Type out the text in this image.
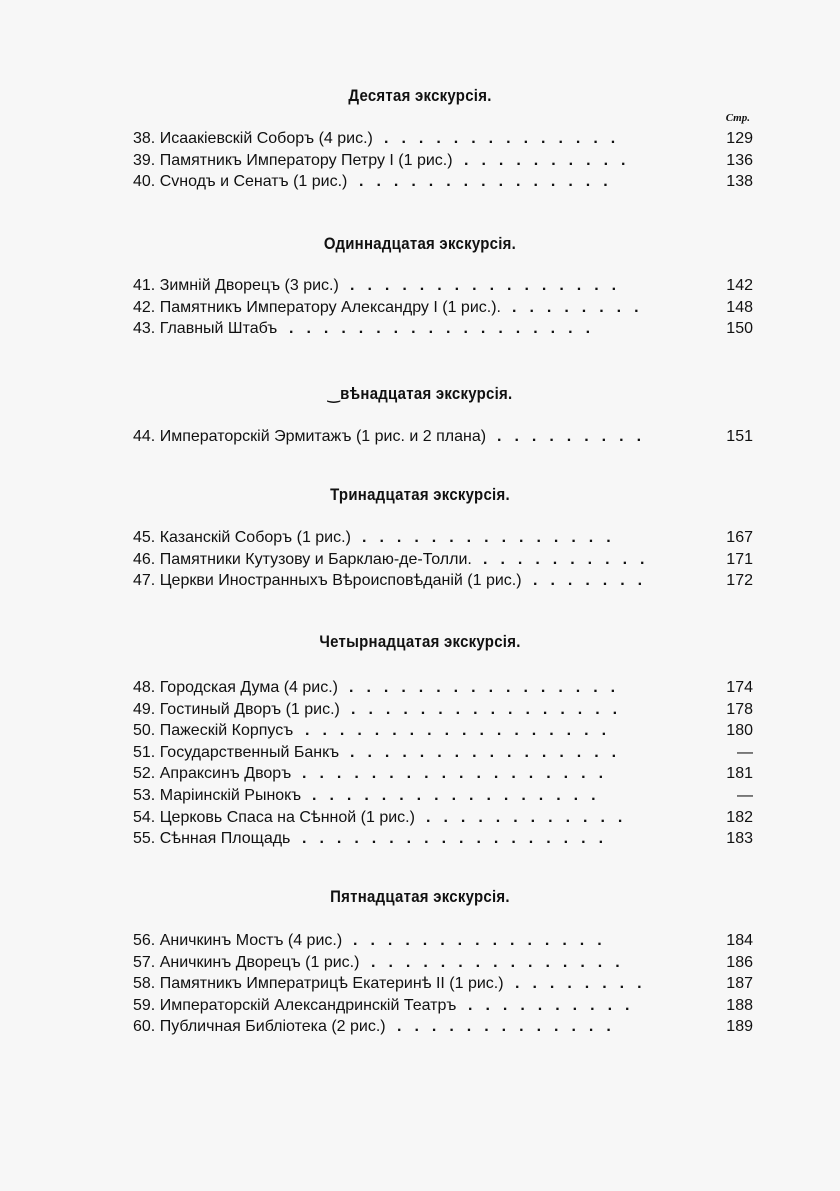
Стр.
Десятая экскурсія.
38. Исаакіевскій Соборъ (4 рис.) ..............	129
39. Памятникъ Императору Петру I (1 рис.) ..........	136
40. Сvнодъ и Сенатъ (1 рис.) ...............	138
Одиннадцатая экскурсія.
41. Зимній Дворецъ (3 рис.) ................	142
42. Памятникъ Императору Александру I (1 рис.). ........	148
43. Главный Штабъ ..................	150
‿вѣнадцатая экскурсія.
44. Императорскій Эрмитажъ (1 рис. и 2 плана) .........	151
Тринадцатая экскурсія.
45. Казанскій Соборъ (1 рис.) ...............	167
46. Памятники Кутузову и Барклаю-де-Толли. ..........	171
47. Церкви Иностранныхъ Вѣроисповѣданій (1 рис.) .......	172
Четырнадцатая экскурсія.
48. Городская Дума (4 рис.) ................	174
49. Гостиный Дворъ (1 рис.) ................	178
50. Пажескій Корпусъ ..................	180
51. Государственный Банкъ ................	—
52. Апраксинъ Дворъ ..................	181
53. Маріинскій Рынокъ .................	—
54. Церковь Спаса на Сѣнной (1 рис.) ............	182
55. Сѣнная Площадь ..................	183
Пятнадцатая экскурсія.
56. Аничкинъ Мостъ (4 рис.) ...............	184
57. Аничкинъ Дворецъ (1 рис.) ...............	186
58. Памятникъ Императрицѣ Екатеринѣ II (1 рис.) ........	187
59. Императорскій Александринскій Театръ ..........	188
60. Публичная Библіотека (2 рис.) .............	189
